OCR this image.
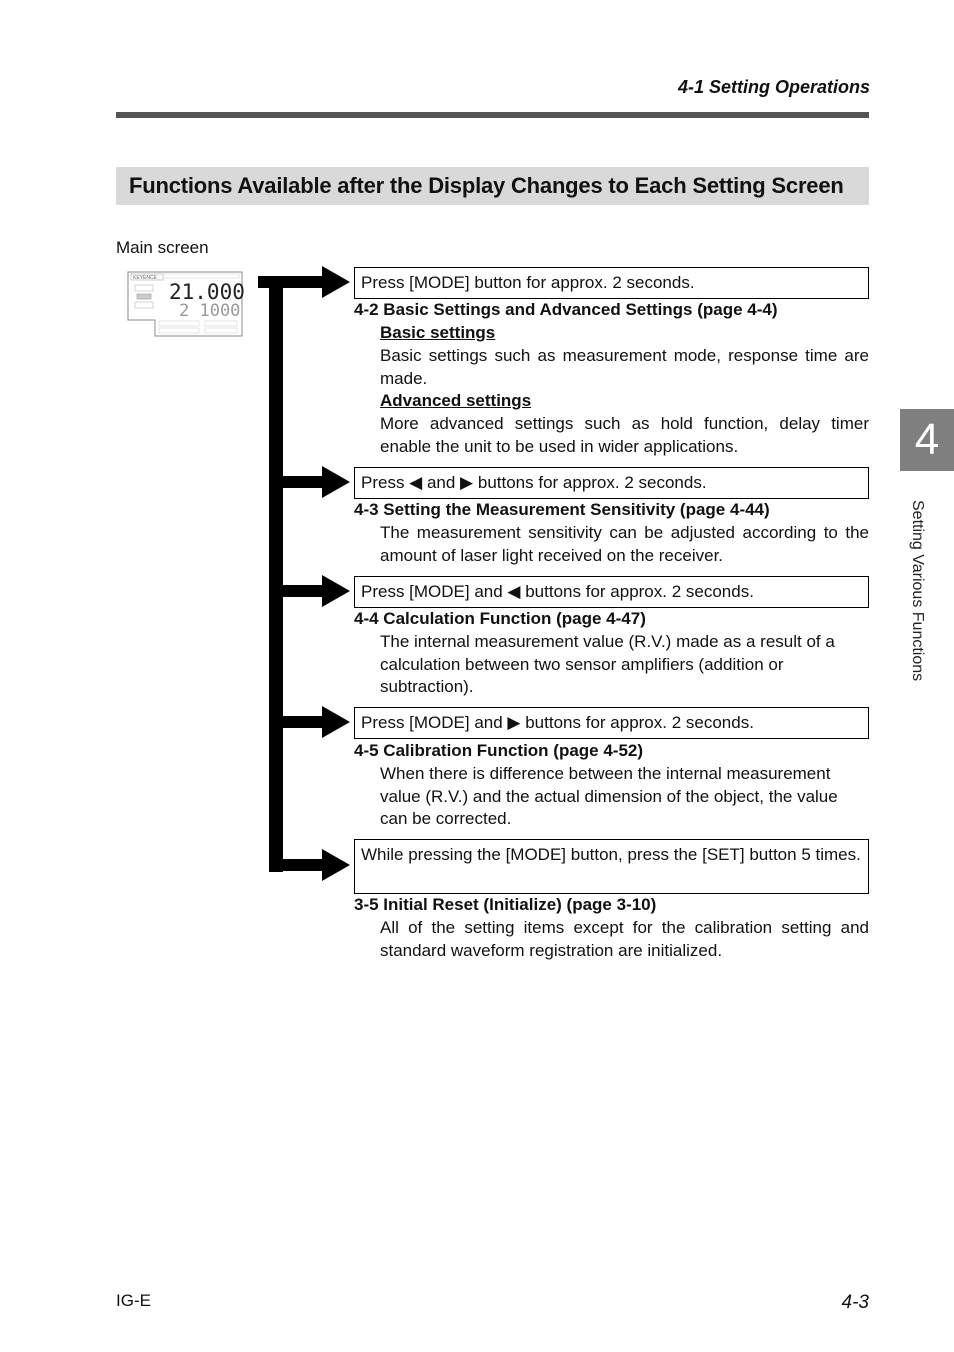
4-1 Setting Operations
Functions Available after the Display Changes to Each Setting Screen
Main screen
KEYENCE
21.000
2 1000
Press [MODE] button for approx. 2 seconds.
4-2 Basic Settings and Advanced Settings (page 4-4)
Basic settings
Basic settings such as measurement mode, response time are made.
Advanced settings
More advanced settings such as hold function, delay timer enable the unit to be used in wider applications.
Press ◀ and ▶ buttons for approx. 2 seconds.
4-3 Setting the Measurement Sensitivity (page 4-44)
The measurement sensitivity can be adjusted according to the amount of laser light received on the receiver.
Press [MODE] and ◀ buttons for approx. 2 seconds.
4-4 Calculation Function (page 4-47)
The internal measurement value (R.V.) made as a result of a
calculation between two sensor amplifiers (addition or
subtraction).
Press [MODE] and ▶ buttons for approx. 2 seconds.
4-5 Calibration Function (page 4-52)
When there is difference between the internal measurement
value (R.V.) and the actual dimension of the object, the value
can be corrected.
While pressing the [MODE] button, press the [SET] button 5 times.
3-5 Initial Reset (Initialize) (page 3-10)
All of the setting items except for the calibration setting and standard waveform registration are initialized.
4
Setting Various Functions
IG-E	4-3
